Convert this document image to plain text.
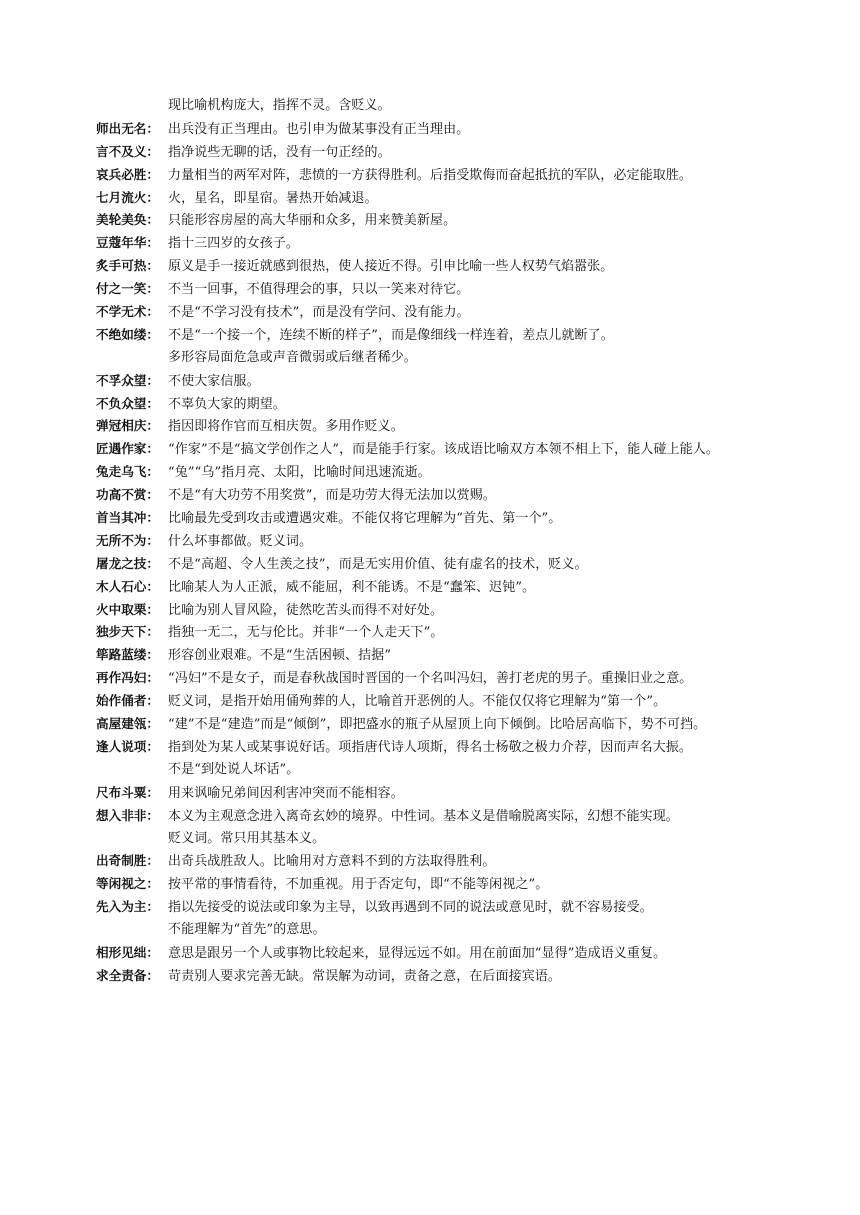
现比喻机构庞大，指挥不灵。含贬义。
师出无名： 出兵没有正当理由。也引申为做某事没有正当理由。
言不及义： 指净说些无聊的话，没有一句正经的。
哀兵必胜： 力量相当的两军对阵，悲愤的一方获得胜利。后指受欺侮而奋起抵抗的军队，必定能取胜。
七月流火： 火，星名，即星宿。暑热开始减退。
美轮美奂： 只能形容房屋的高大华丽和众多，用来赞美新屋。
豆蔻年华： 指十三四岁的女孩子。
炙手可热： 原义是手一接近就感到很热，使人接近不得。引申比喻一些人权势气焰嚣张。
付之一笑： 不当一回事，不值得理会的事，只以一笑来对待它。
不学无术： 不是“不学习没有技术”，而是没有学问、没有能力。
不绝如缕： 不是“一个接一个，连续不断的样子”，而是像细线一样连着，差点儿就断了。
多形容局面危急或声音微弱或后继者稀少。
不孚众望： 不使大家信服。
不负众望： 不辜负大家的期望。
弹冠相庆： 指因即将作官而互相庆贺。多用作贬义。
匠遇作家： “作家”不是“搞文学创作之人”，而是能手行家。该成语比喻双方本领不相上下，能人碰上能人。
兔走乌飞： “兔”“乌”指月亮、太阳，比喻时间迅速流逝。
功高不赏： 不是“有大功劳不用奖赏”，而是功劳大得无法加以赏赐。
首当其冲： 比喻最先受到攻击或遭遇灾难。不能仅将它理解为“首先、第一个”。
无所不为： 什么坏事都做。贬义词。
屠龙之技： 不是“高超、令人生羡之技”，而是无实用价值、徒有虚名的技术，贬义。
木人石心： 比喻某人为人正派，威不能屈，利不能诱。不是“蠢笨、迟钝”。
火中取栗： 比喻为别人冒风险，徒然吃苦头而得不对好处。
独步天下： 指独一无二，无与伦比。并非“一个人走天下”。
筚路蓝缕： 形容创业艰难。不是“生活困顿、拮据”
再作冯妇： “冯妇”不是女子，而是春秋战国时晋国的一个名叫冯妇，善打老虎的男子。重操旧业之意。
始作俑者： 贬义词，是指开始用俑殉葬的人，比喻首开恶例的人。不能仅仅将它理解为“第一个”。
高屋建瓴： “建”不是“建造”而是“倾倒”，即把盛水的瓶子从屋顶上向下倾倒。比哈居高临下，势不可挡。
逢人说项： 指到处为某人或某事说好话。项指唐代诗人项斯，得名士杨敬之极力介荐，因而声名大振。
不是“到处说人坏话”。
尺布斗粟： 用来讽喻兄弟间因利害冲突而不能相容。
想入非非： 本义为主观意念进入离奇玄妙的境界。中性词。基本义是借喻脱离实际，幻想不能实现。
贬义词。常只用其基本义。
出奇制胜： 出奇兵战胜敌人。比喻用对方意料不到的方法取得胜利。
等闲视之： 按平常的事情看待，不加重视。用于否定句，即“不能等闲视之”。
先入为主： 指以先接受的说法或印象为主导，以致再遇到不同的说法或意见时，就不容易接受。
不能理解为“首先”的意思。
相形见绌： 意思是跟另一个人或事物比较起来，显得远远不如。用在前面加“显得”造成语义重复。
求全责备： 苛责别人要求完善无缺。常误解为动词，责备之意，在后面接宾语。
